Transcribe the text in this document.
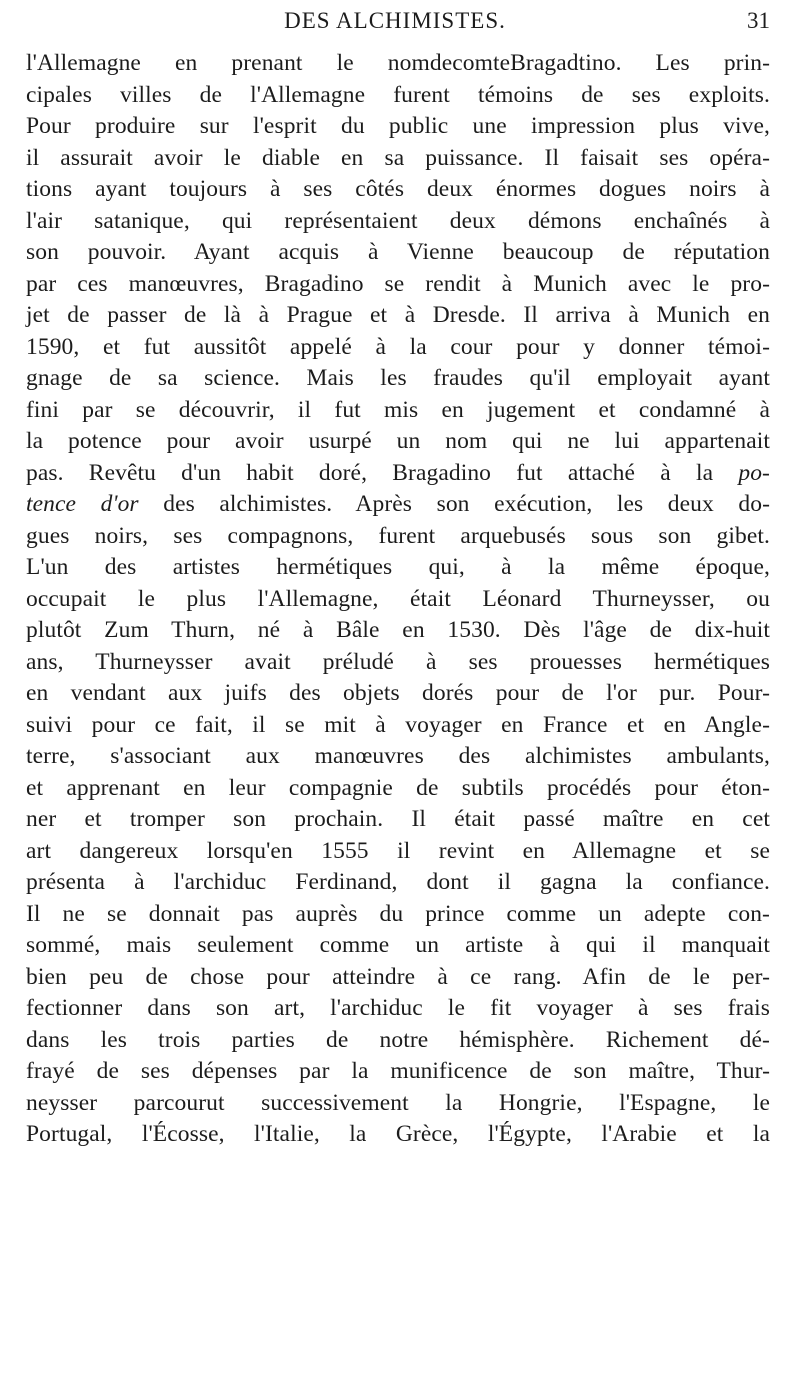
DES ALCHIMISTES.	31
l'Allemagne en prenant le nomdecomteBragadtino. Les prin-
cipales villes de l'Allemagne furent témoins de ses exploits.
Pour produire sur l'esprit du public une impression plus vive,
il assurait avoir le diable en sa puissance. Il faisait ses opéra-
tions ayant toujours à ses côtés deux énormes dogues noirs à
l'air satanique, qui représentaient deux démons enchaînés à
son pouvoir. Ayant acquis à Vienne beaucoup de réputation
par ces manœuvres, Bragadino se rendit à Munich avec le pro-
jet de passer de là à Prague et à Dresde. Il arriva à Munich en
1590, et fut aussitôt appelé à la cour pour y donner témoi-
gnage de sa science. Mais les fraudes qu'il employait ayant
fini par se découvrir, il fut mis en jugement et condamné à
la potence pour avoir usurpé un nom qui ne lui appartenait
pas. Revêtu d'un habit doré, Bragadino fut attaché à la po-
tence d'or des alchimistes. Après son exécution, les deux do-
gues noirs, ses compagnons, furent arquebusés sous son gibet.
L'un des artistes hermétiques qui, à la même époque,
occupait le plus l'Allemagne, était Léonard Thurneysser, ou
plutôt Zum Thurn, né à Bâle en 1530. Dès l'âge de dix-huit
ans, Thurneysser avait préludé à ses prouesses hermétiques
en vendant aux juifs des objets dorés pour de l'or pur. Pour-
suivi pour ce fait, il se mit à voyager en France et en Angle-
terre, s'associant aux manœuvres des alchimistes ambulants,
et apprenant en leur compagnie de subtils procédés pour éton-
ner et tromper son prochain. Il était passé maître en cet
art dangereux lorsqu'en 1555 il revint en Allemagne et se
présenta à l'archiduc Ferdinand, dont il gagna la confiance.
Il ne se donnait pas auprès du prince comme un adepte con-
sommé, mais seulement comme un artiste à qui il manquait
bien peu de chose pour atteindre à ce rang. Afin de le per-
fectionner dans son art, l'archiduc le fit voyager à ses frais
dans les trois parties de notre hémisphère. Richement dé-
frayé de ses dépenses par la munificence de son maître, Thur-
neysser parcourut successivement la Hongrie, l'Espagne, le
Portugal, l'Écosse, l'Italie, la Grèce, l'Égypte, l'Arabie et la
